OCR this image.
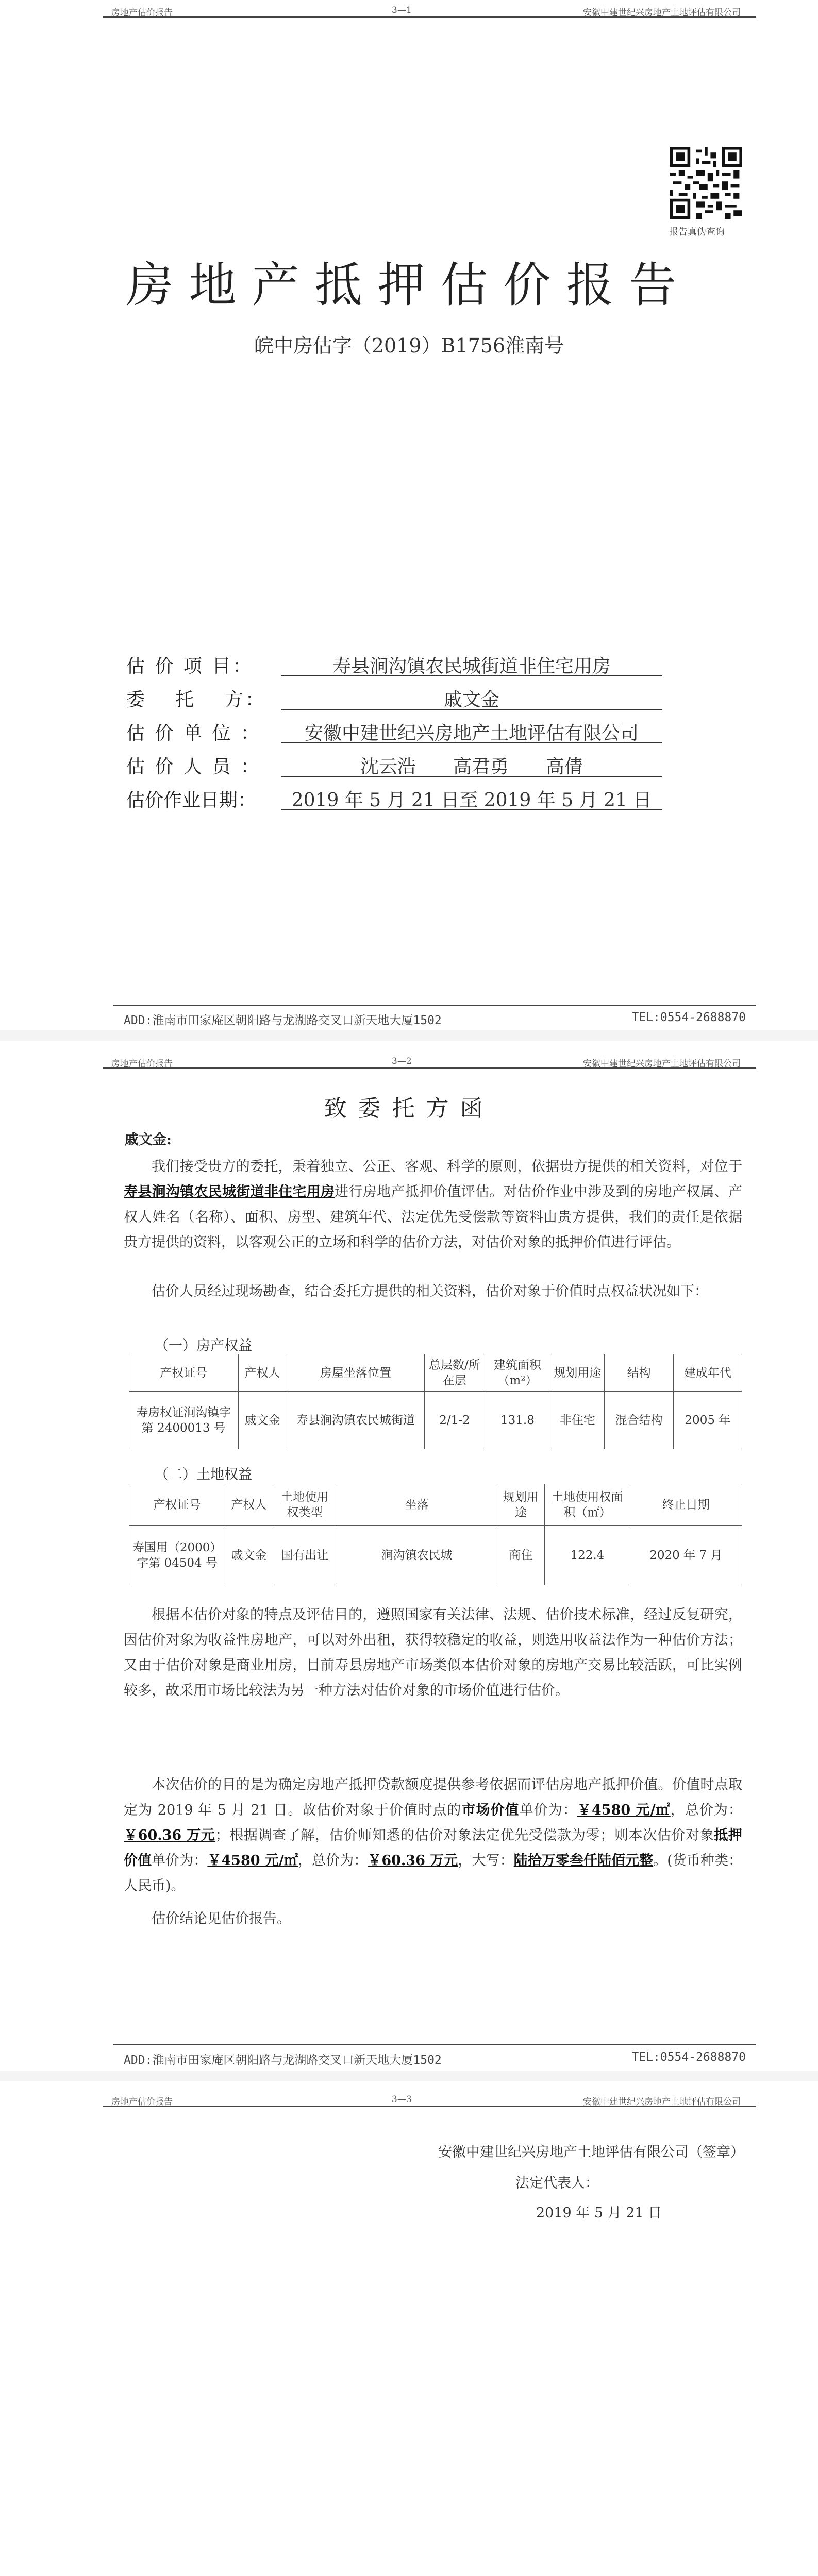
房地产估价报告	3—1	安徽中建世纪兴房地产土地评估有限公司
报告真伪查询
房地产抵押估价报告
皖中房估字（2019）B1756淮南号
估 价 项 目：	寿县涧沟镇农民城街道非住宅用房
委　 托　 方：	戚文金
估 价 单 位 ：	安徽中建世纪兴房地产土地评估有限公司
估 价 人 员 ：	沈云浩　　高君勇　　高倩
估价作业日期：	2019 年 5 月 21 日至 2019 年 5 月 21 日
ADD:淮南市田家庵区朝阳路与龙湖路交叉口新天地大厦1502	TEL:0554-2688870
房地产估价报告	3—2	安徽中建世纪兴房地产土地评估有限公司
致委托方函
戚文金:
我们接受贵方的委托，秉着独立、公正、客观、科学的原则，依据贵方提供的相关资料，对位于寿县涧沟镇农民城街道非住宅用房进行房地产抵押价值评估。对估价作业中涉及到的房地产权属、产权人姓名（名称）、面积、房型、建筑年代、法定优先受偿款等资料由贵方提供，我们的责任是依据贵方提供的资料，以客观公正的立场和科学的估价方法，对估价对象的抵押价值进行评估。
估价人员经过现场勘查，结合委托方提供的相关资料，估价对象于价值时点权益状况如下：
（一）房产权益
产权证号	产权人	房屋坐落位置	总层数/所在层	建筑面积（m²）	规划用途	结构	建成年代
寿房权证涧沟镇字第 2400013 号	戚文金	寿县涧沟镇农民城街道	2/1-2	131.8	非住宅	混合结构	2005 年
（二）土地权益
产权证号	产权人	土地使用权类型	坐落	规划用途	土地使用权面积（㎡）	终止日期
寿国用（2000）字第 04504 号	戚文金	国有出让	涧沟镇农民城	商住	122.4	2020 年 7 月
根据本估价对象的特点及评估目的，遵照国家有关法律、法规、估价技术标准，经过反复研究，因估价对象为收益性房地产，可以对外出租，获得较稳定的收益，则选用收益法作为一种估价方法；又由于估价对象是商业用房，目前寿县房地产市场类似本估价对象的房地产交易比较活跃，可比实例较多，故采用市场比较法为另一种方法对估价对象的市场价值进行估价。
本次估价的目的是为确定房地产抵押贷款额度提供参考依据而评估房地产抵押价值。价值时点取定为 2019 年 5 月 21 日。故估价对象于价值时点的市场价值单价为：￥4580 元/㎡，总价为：￥60.36 万元；根据调查了解，估价师知悉的估价对象法定优先受偿款为零；则本次估价对象抵押价值单价为：￥4580 元/㎡，总价为：￥60.36 万元，大写：陆拾万零叁仟陆佰元整。(货币种类：人民币)。
估价结论见估价报告。
ADD:淮南市田家庵区朝阳路与龙湖路交叉口新天地大厦1502	TEL:0554-2688870
房地产估价报告	3—3	安徽中建世纪兴房地产土地评估有限公司
安徽中建世纪兴房地产土地评估有限公司（签章）
法定代表人：
2019 年 5 月 21 日
